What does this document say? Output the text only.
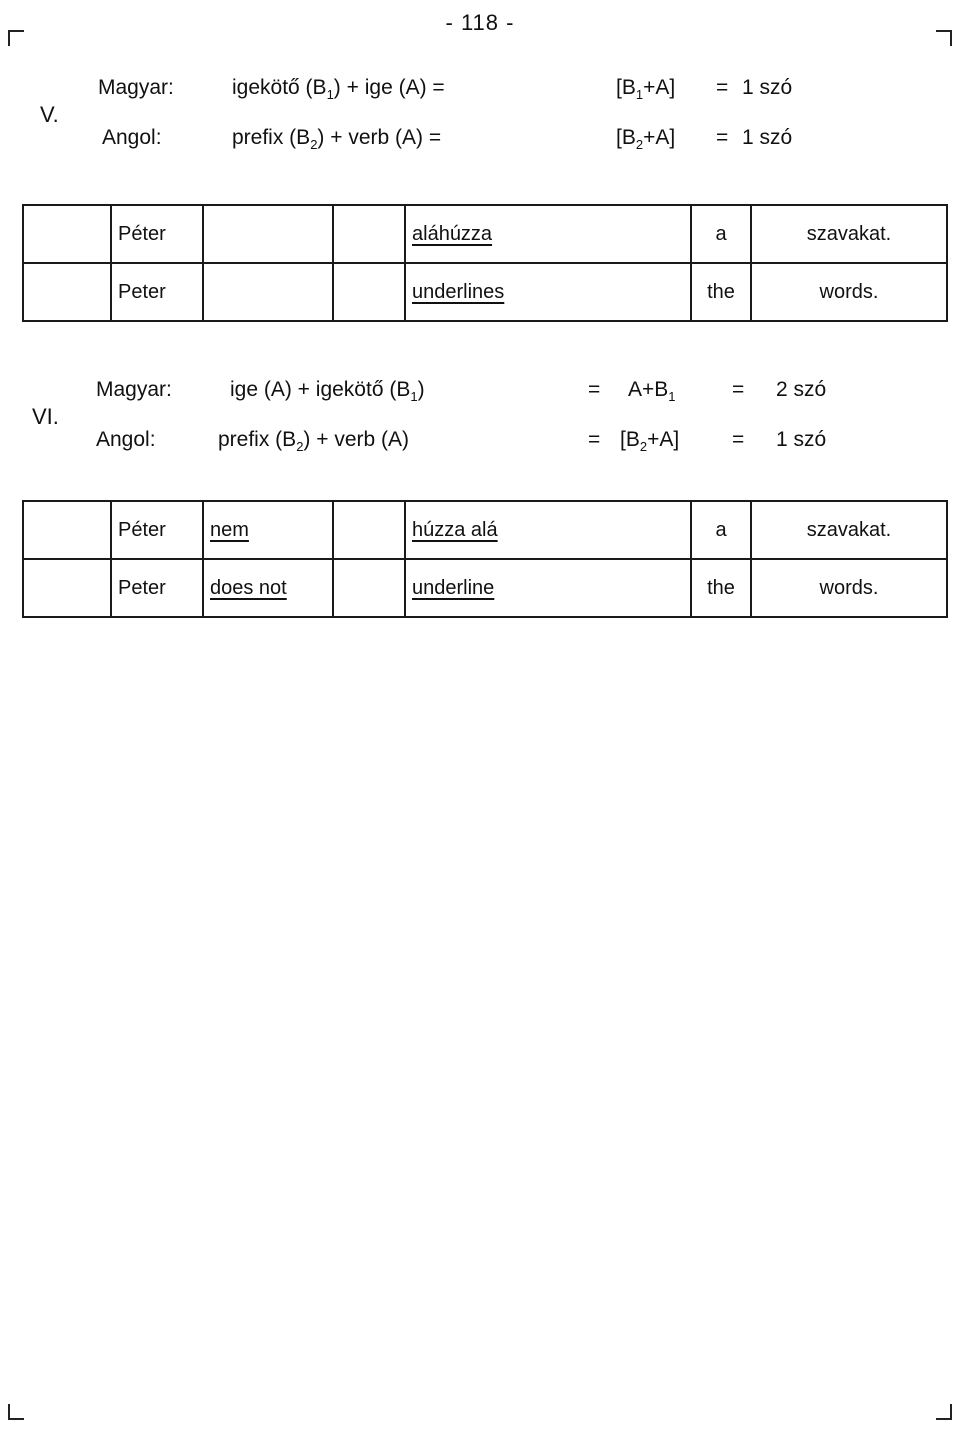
- 118 -
V.
Magyar:	igekötő $(B_1)$ + ige (A) =	$[B_1+A] = 1$ szó
Angol:	prefix $(B_2)$ + verb (A) =	$[B_2+A] = 1$ szó
	Péter			aláhúzza	a	szavakat.
	Peter			underlines	the	words.
VI.
Magyar:	ige (A) + igekötő $(B_1)$	= $A+B_1$	= 2 szó
Angol:	prefix $(B_2)$ + verb (A)	= $[B_2+A]$	= 1 szó
	Péter	nem		húzza alá	a	szavakat.
	Peter	does not		underline	the	words.
